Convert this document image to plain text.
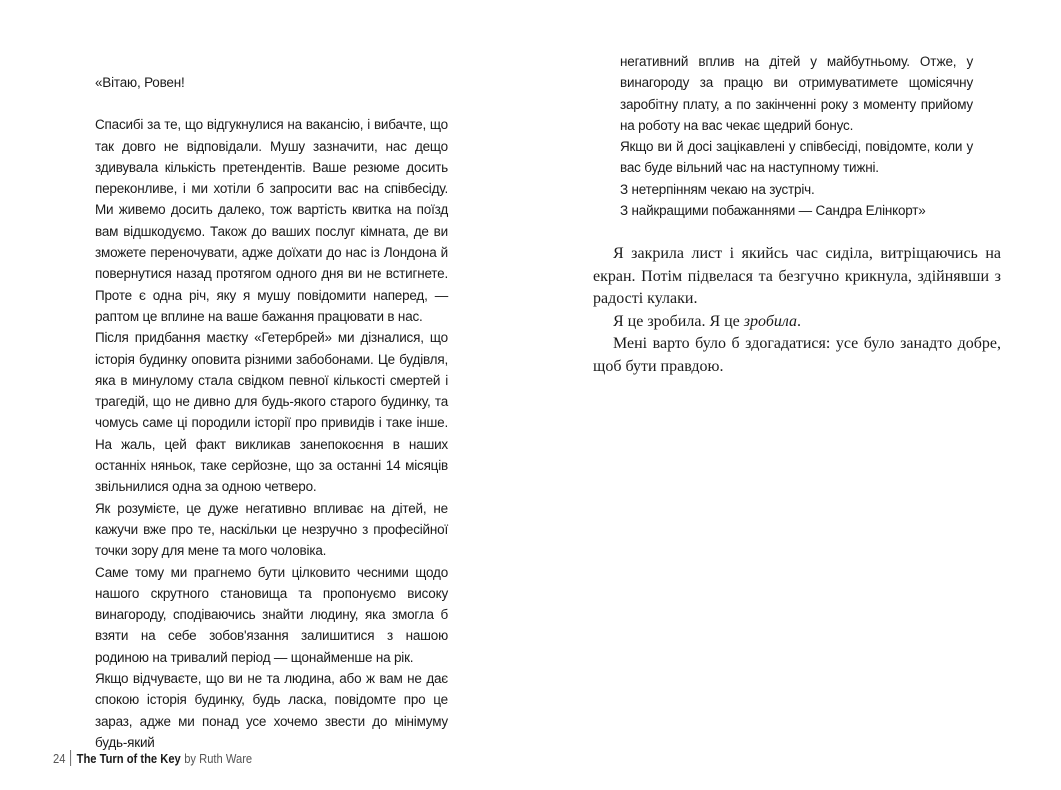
«Вітаю, Ровен!

Спасибі за те, що відгукнулися на вакансію, і вибачте, що так довго не відповідали. Мушу зазначити, нас дещо здивувала кількість претендентів. Ваше резюме досить переконливе, і ми хотіли б запросити вас на співбесіду. Ми живемо досить далеко, тож вартість квитка на поїзд вам відшкодуємо. Також до ваших послуг кімната, де ви зможете переночувати, адже доїхати до нас із Лондона й повернутися назад протягом одного дня ви не встигнете. Проте є одна річ, яку я мушу повідомити наперед, — раптом це вплине на ваше бажання працювати в нас.

Після придбання маєтку «Гетербрей» ми дізналися, що історія будинку оповита різними забобонами. Це будівля, яка в минулому стала свідком певної кількості смертей і трагедій, що не дивно для будь-якого старого будинку, та чомусь саме ці породили історії про привидів і таке інше. На жаль, цей факт викликав занепокоєння в наших останніх няньок, таке серйозне, що за останні 14 місяців звільнилися одна за одною четверо.

Як розумієте, це дуже негативно впливає на дітей, не кажучи вже про те, наскільки це незручно з професійної точки зору для мене та мого чоловіка.

Саме тому ми прагнемо бути цілковито чесними щодо нашого скрутного становища та пропонуємо високу винагороду, сподіваючись знайти людину, яка змогла б взяти на себе зобов'язання залишитися з нашою родиною на тривалий період — щонайменше на рік.

Якщо відчуваєте, що ви не та людина, або ж вам не дає спокою історія будинку, будь ласка, повідомте про це зараз, адже ми понад усе хочемо звести до мінімуму будь-який

24 The Turn of the Key by Ruth Ware

негативний вплив на дітей у майбутньому. Отже, у винагороду за працю ви отримуватимете щомісячну заробітну плату, а по закінченні року з моменту прийому на роботу на вас чекає щедрий бонус.

Якщо ви й досі зацікавлені у співбесіді, повідомте, коли у вас буде вільний час на наступному тижні.

З нетерпінням чекаю на зустріч.

З найкращими побажаннями — Сандра Елінкорт»

Я закрила лист і якийсь час сиділа, витріщаючись на екран. Потім підвелася та безгучно крикнула, здійнявши з радості кулаки.

Я це зробила. Я це зробила.

Мені варто було б здогадатися: усе було занадто добре, щоб бути правдою.
